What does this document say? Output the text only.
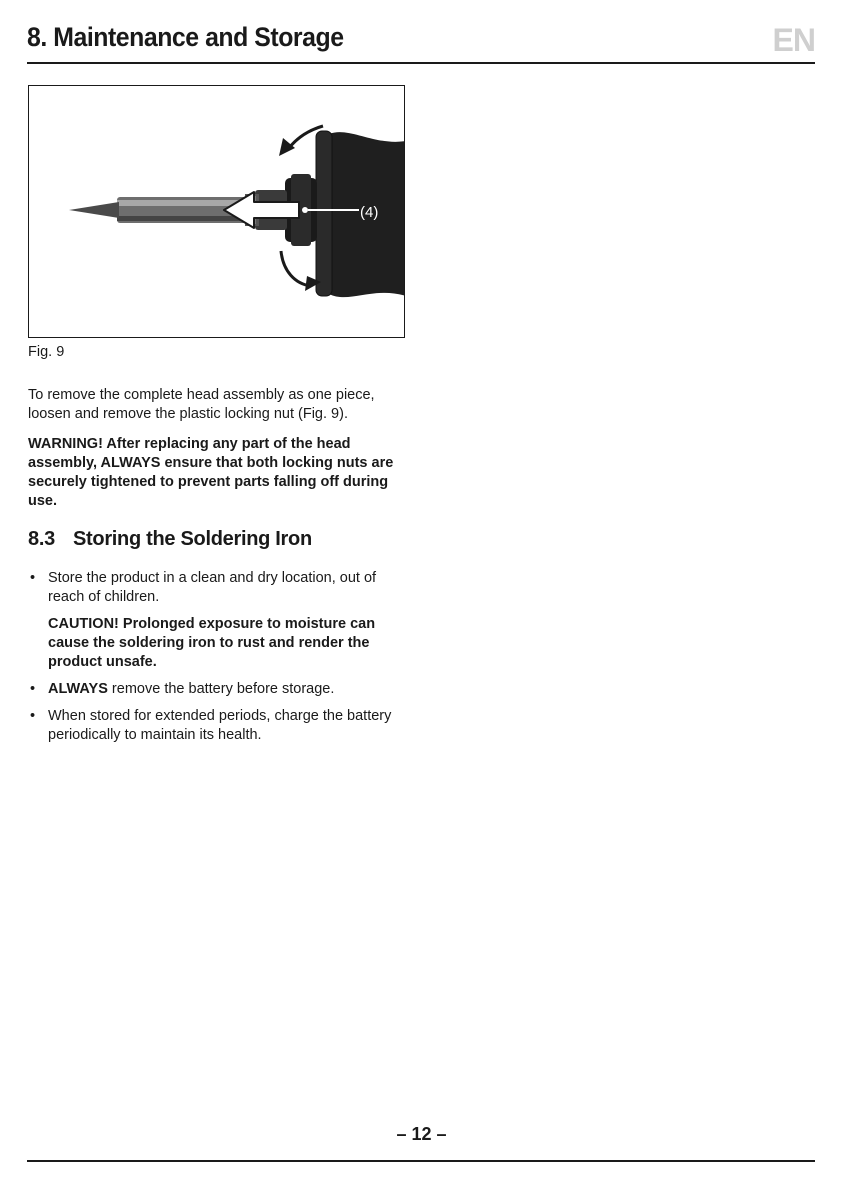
8. Maintenance and Storage	EN
(4)
Fig. 9

To remove the complete head assembly as one piece, loosen and remove the plastic locking nut (Fig. 9).

WARNING! After replacing any part of the head assembly, ALWAYS ensure that both locking nuts are securely tightened to prevent parts falling off during use.

8.3 Storing the Soldering Iron
• Store the product in a clean and dry location, out of reach of children.
CAUTION! Prolonged exposure to moisture can cause the soldering iron to rust and render the product unsafe.
• ALWAYS remove the battery before storage.
• When stored for extended periods, charge the battery periodically to maintain its health.
– 12 –
